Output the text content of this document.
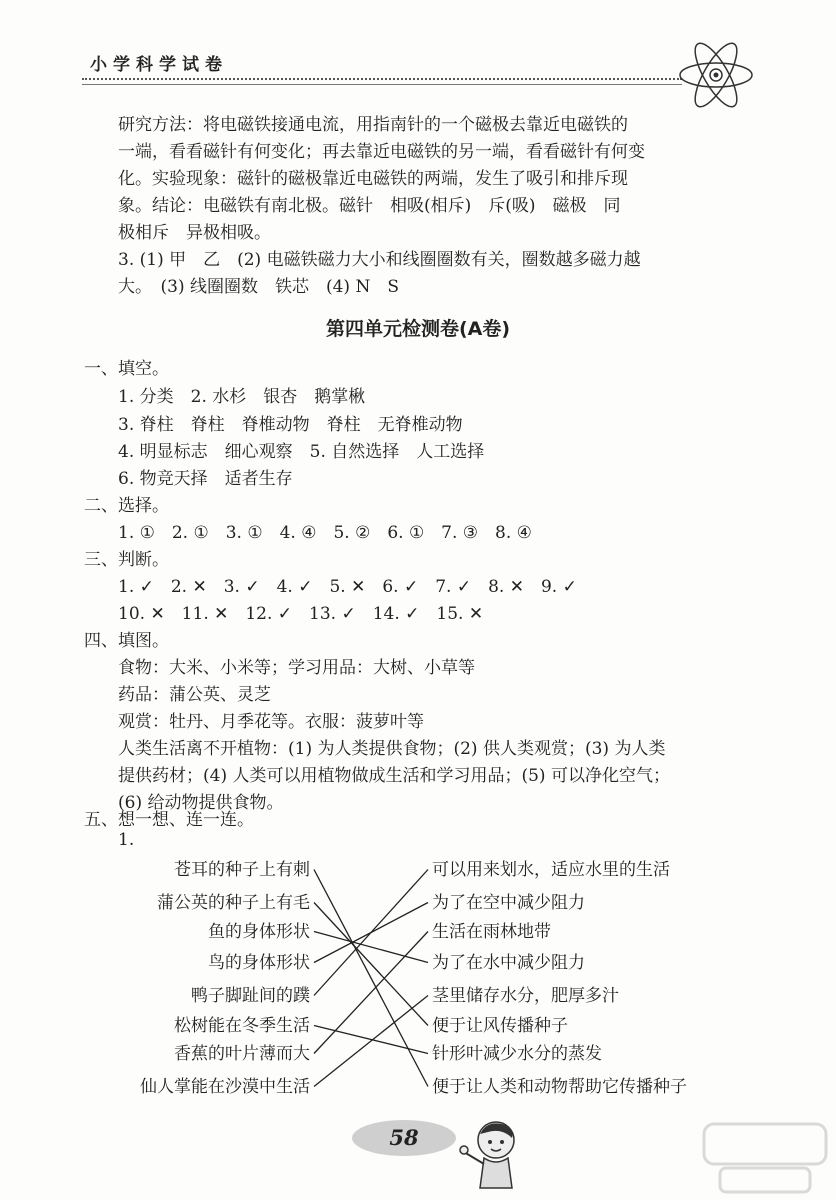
小学科学试卷
研究方法：将电磁铁接通电流，用指南针的一个磁极去靠近电磁铁的
一端，看看磁针有何变化；再去靠近电磁铁的另一端，看看磁针有何变
化。实验现象：磁针的磁极靠近电磁铁的两端，发生了吸引和排斥现
象。结论：电磁铁有南北极。磁针　相吸(相斥)　斥(吸)　磁极　同
极相斥　异极相吸。
3. (1) 甲　乙　(2) 电磁铁磁力大小和线圈圈数有关，圈数越多磁力越
大。　(3) 线圈圈数　铁芯　(4) N　S
第四单元检测卷(A卷)
一、填空。
1. 分类　2. 水杉　银杏　鹅掌楸
3. 脊柱　脊柱　脊椎动物　脊柱　无脊椎动物
4. 明显标志　细心观察　5. 自然选择　人工选择
6. 物竞天择　适者生存
二、选择。
1. ①　2. ①　3. ①　4. ④　5. ②　6. ①　7. ③　8. ④
三、判断。
1. ✓　2. ✕　3. ✓　4. ✓　5. ✕　6. ✓　7. ✓　8. ✕　9. ✓
10. ✕　11. ✕　12. ✓　13. ✓　14. ✓　15. ✕
四、填图。
食物：大米、小米等；学习用品：大树、小草等
药品：蒲公英、灵芝
观赏：牡丹、月季花等。衣服：菠萝叶等
人类生活离不开植物：(1) 为人类提供食物；(2) 供人类观赏；(3) 为人类
提供药材；(4) 人类可以用植物做成生活和学习用品；(5) 可以净化空气；
(6) 给动物提供食物。
五、想一想、连一连。
1.
苍耳的种子上有刺
蒲公英的种子上有毛
鱼的身体形状
鸟的身体形状
鸭子脚趾间的蹼
松树能在冬季生活
香蕉的叶片薄而大
仙人掌能在沙漠中生活
可以用来划水，适应水里的生活
为了在空中减少阻力
生活在雨林地带
为了在水中减少阻力
茎里储存水分，肥厚多汁
便于让风传播种子
针形叶减少水分的蒸发
便于让人类和动物帮助它传播种子
58
